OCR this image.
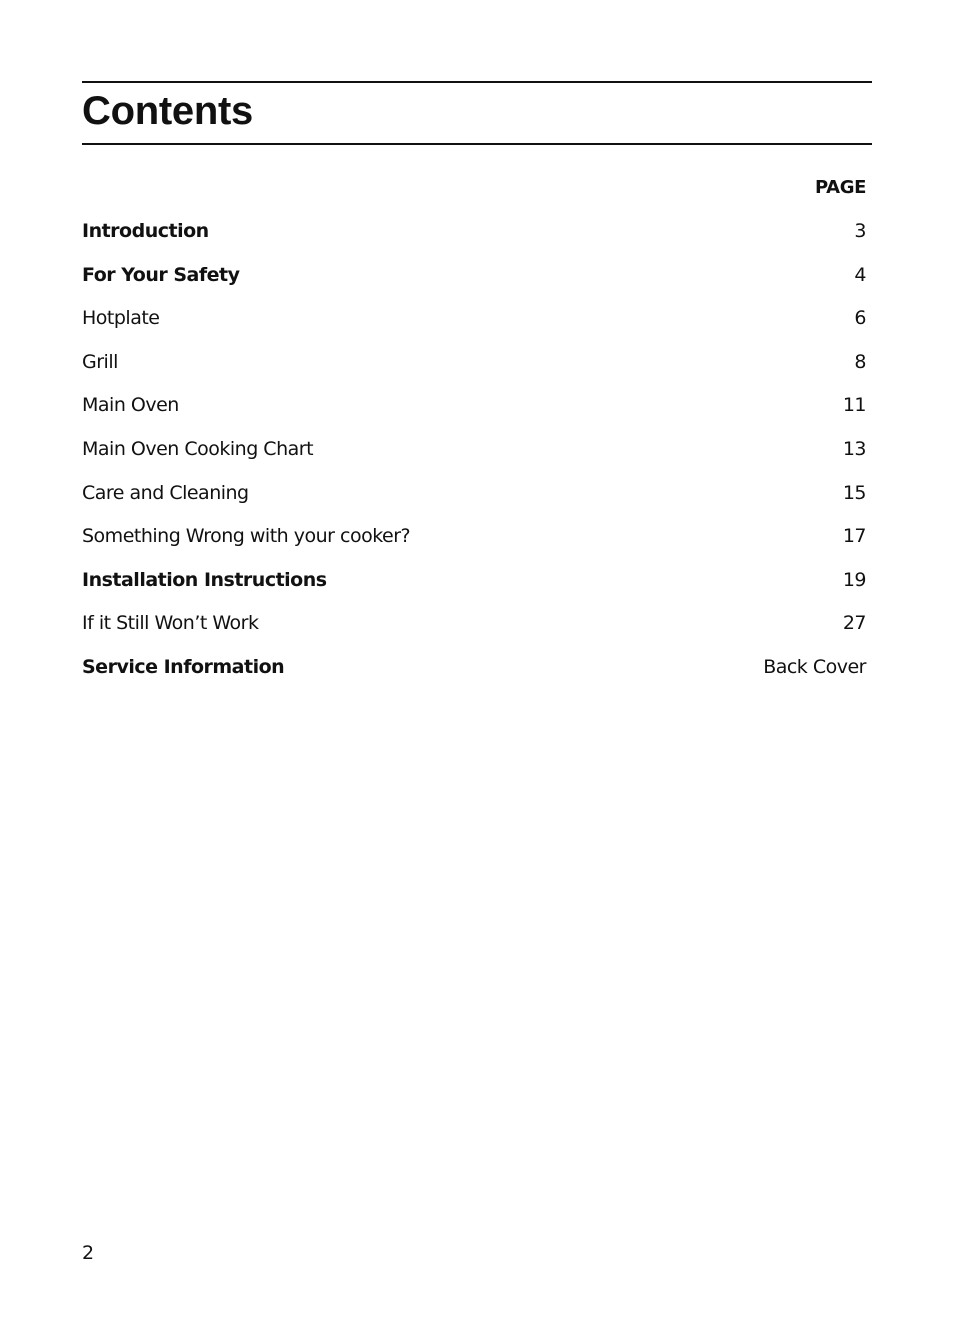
Contents
PAGE
Introduction	3
For Your Safety	4
Hotplate	6
Grill	8
Main Oven	11
Main Oven Cooking Chart	13
Care and Cleaning	15
Something Wrong with your cooker?	17
Installation Instructions	19
If it Still Won’t Work	27
Service Information	Back Cover
2
